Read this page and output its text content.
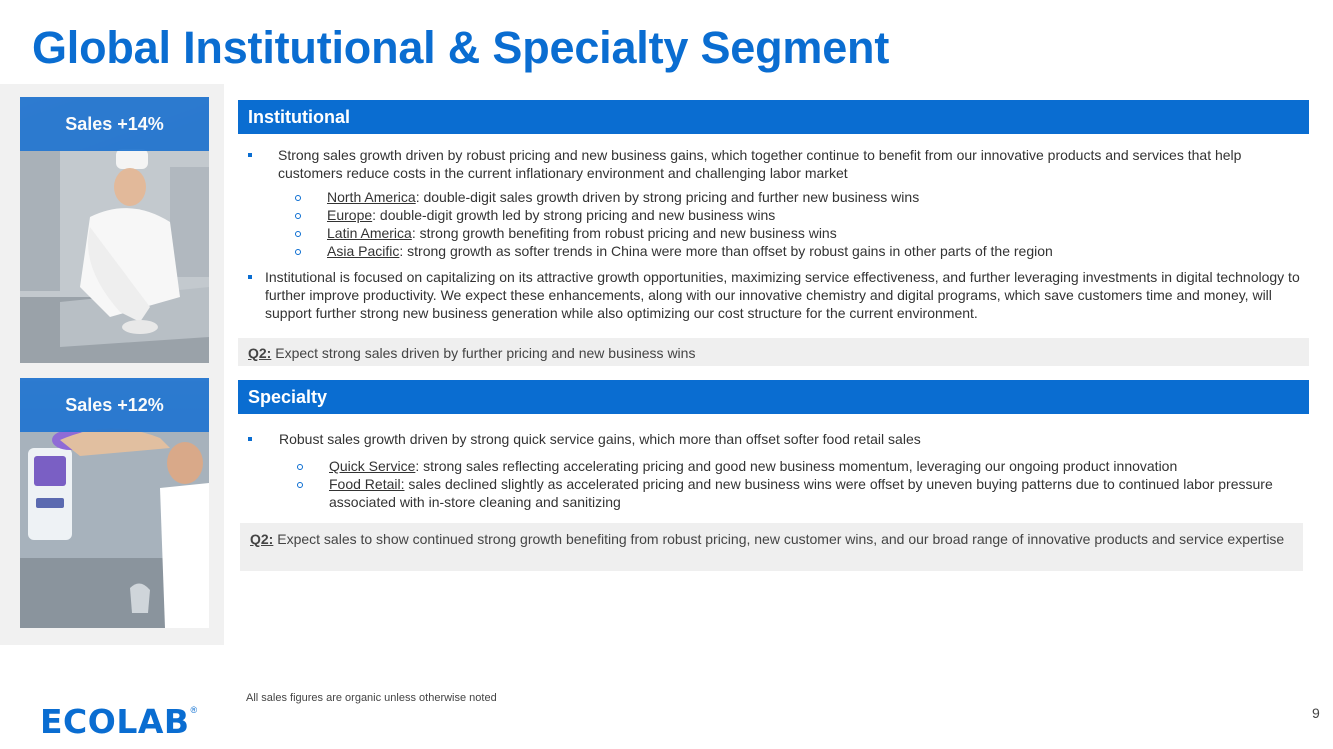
Global Institutional & Specialty Segment
Sales +14%
Sales +12%
Institutional
Strong sales growth driven by robust pricing and new business gains, which together continue to benefit from our innovative products and services that help customers reduce costs in the current inflationary environment and challenging labor market
North America: double-digit sales growth driven by strong pricing and further new business wins
Europe: double-digit growth led by strong pricing and new business wins
Latin America: strong growth benefiting from robust pricing and new business wins
Asia Pacific: strong growth as softer trends in China were more than offset by robust gains in other parts of the region
Institutional is focused on capitalizing on its attractive growth opportunities, maximizing service effectiveness, and further leveraging investments in digital technology to further improve productivity. We expect these enhancements, along with our innovative chemistry and digital programs, which save customers time and money, will support further strong new business generation while also optimizing our cost structure for the current environment.
Q2: Expect strong sales driven by further pricing and new business wins
Specialty
Robust sales growth driven by strong quick service gains, which more than offset softer food retail sales
Quick Service: strong sales reflecting accelerating pricing and good new business momentum, leveraging our ongoing product innovation
Food Retail: sales declined slightly as accelerated pricing and new business wins were offset by uneven buying patterns due to continued labor pressure associated with in-store cleaning and sanitizing
Q2: Expect sales to show continued strong growth benefiting from robust pricing, new customer wins, and our broad range of innovative products and service expertise
All sales figures are organic unless otherwise noted
9
ECOLAB®
